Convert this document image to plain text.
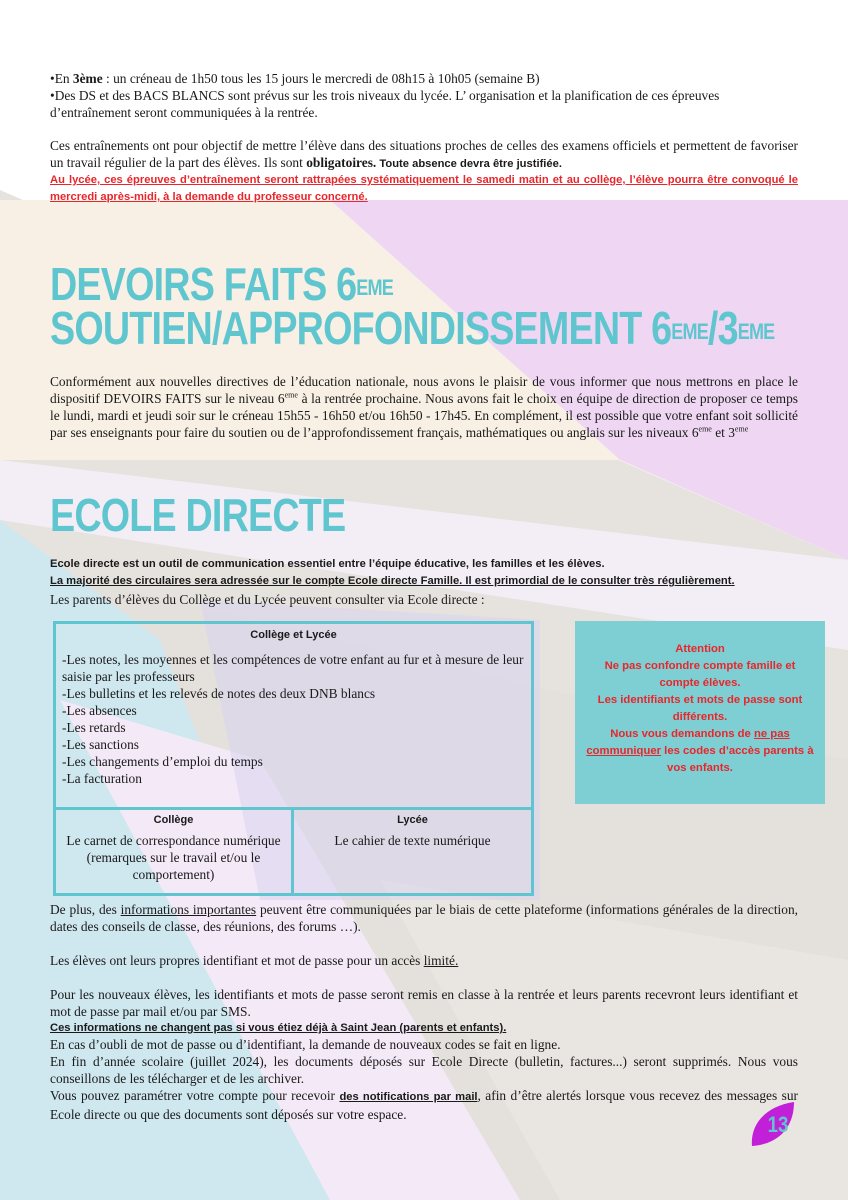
•En 3ème : un créneau de 1h50 tous les 15 jours le mercredi de 08h15 à 10h05 (semaine B)
•Des DS et des BACS BLANCS sont prévus sur les trois niveaux du lycée. L’ organisation et la planification de ces épreuves d’entraînement seront communiquées à la rentrée.
Ces entraînements ont pour objectif de mettre l’élève dans des situations proches de celles des examens officiels et permettent de favoriser un travail régulier de la part des élèves. Ils sont obligatoires. Toute absence devra être justifiée.
Au lycée, ces épreuves d’entraînement seront rattrapées systématiquement le samedi matin et au collège, l’élève pourra être convoqué le mercredi après-midi, à la demande du professeur concerné.
DEVOIRS FAITS 6EME
SOUTIEN/APPROFONDISSEMENT 6EME/3EME
Conformément aux nouvelles directives de l’éducation nationale, nous avons le plaisir de vous informer que nous mettrons en place le dispositif DEVOIRS FAITS sur le niveau 6eme à la rentrée prochaine. Nous avons fait le choix en équipe de direction de proposer ce temps le lundi, mardi et jeudi soir sur le créneau 15h55 - 16h50 et/ou 16h50 - 17h45. En complément, il est possible que votre enfant soit sollicité par ses enseignants pour faire du soutien ou de l’approfondissement français, mathématiques ou anglais sur les niveaux 6eme et 3eme
ECOLE DIRECTE
Ecole directe est un outil de communication essentiel entre l’équipe éducative, les familles et les élèves.
La majorité des circulaires sera adressée sur le compte Ecole directe Famille. Il est primordial de le consulter très régulièrement.
Les parents d’élèves du Collège et du Lycée peuvent consulter via Ecole directe :
Collège et Lycée
-Les notes, les moyennes et les compétences de votre enfant au fur et à mesure de leur saisie par les professeurs
-Les bulletins et les relevés de notes des deux DNB blancs
-Les absences
-Les retards
-Les sanctions
-Les changements d’emploi du temps
-La facturation
Collège
Le carnet de correspondance numérique (remarques sur le travail et/ou le comportement)
Lycée
Le cahier de texte numérique
Attention
Ne pas confondre compte famille et compte élèves.
Les identifiants et mots de passe sont différents.
Nous vous demandons de ne pas communiquer les codes d’accès parents à vos enfants.
De plus, des informations importantes peuvent être communiquées par le biais de cette plateforme (informations générales de la direction, dates des conseils de classe, des réunions, des forums …).
Les élèves ont leurs propres identifiant et mot de passe pour un accès limité.
Pour les nouveaux élèves, les identifiants et mots de passe seront remis en classe à la rentrée et leurs parents recevront leurs identifiant et mot de passe par mail et/ou par SMS.
Ces informations ne changent pas si vous étiez déjà à Saint Jean (parents et enfants).
En cas d’oubli de mot de passe ou d’identifiant, la demande de nouveaux codes se fait en ligne.
En fin d’année scolaire (juillet 2024), les documents déposés sur Ecole Directe (bulletin, factures...) seront supprimés. Nous vous conseillons de les télécharger et de les archiver.
Vous pouvez paramétrer votre compte pour recevoir des notifications par mail, afin d’être alertés lorsque vous recevez des messages sur Ecole directe ou que des documents sont déposés sur votre espace.	13
